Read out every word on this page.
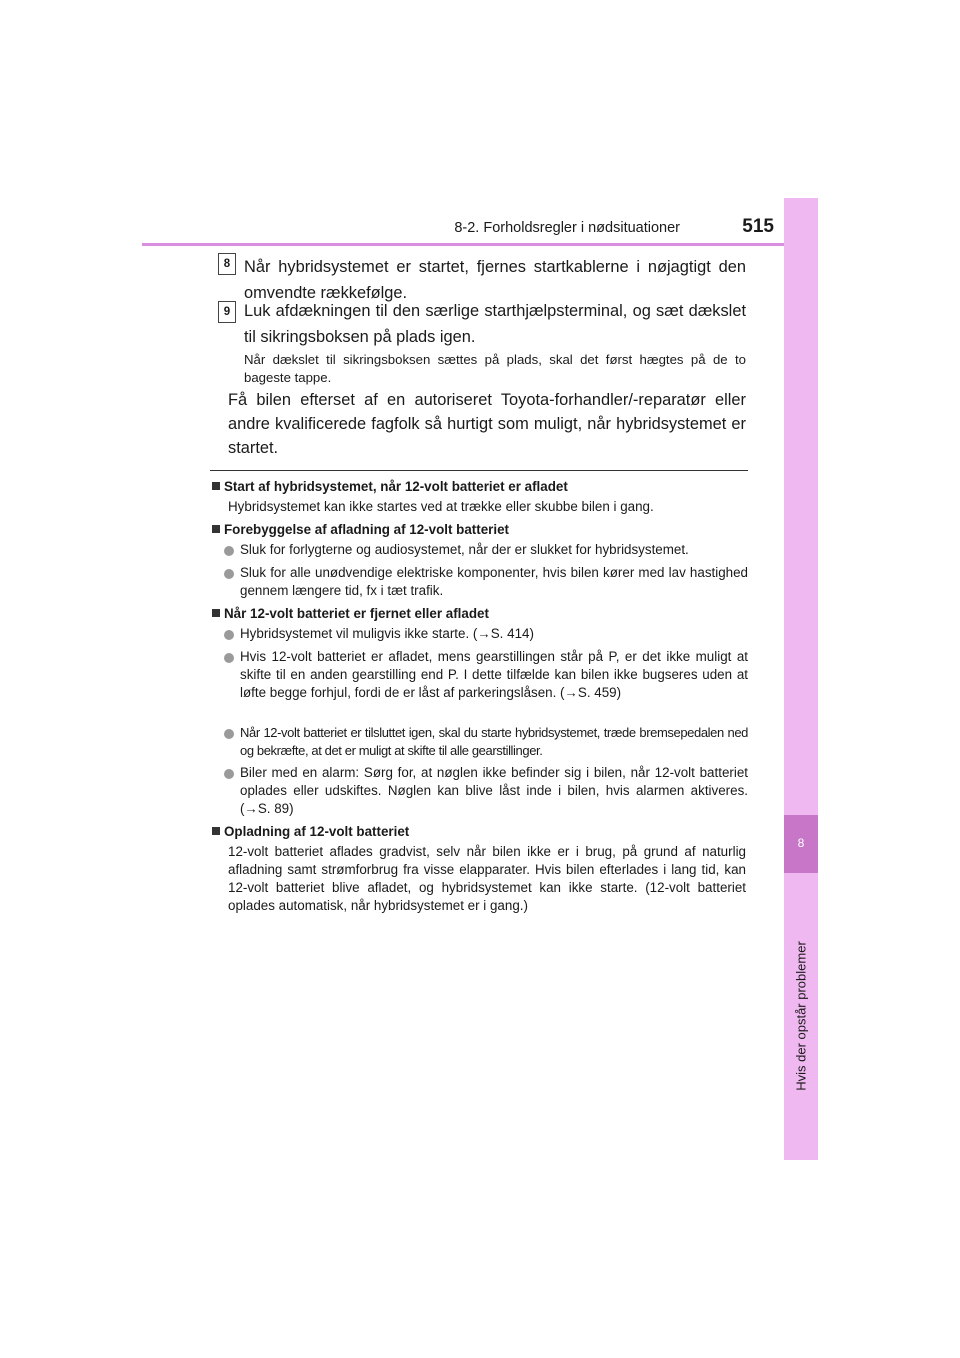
8-2. Forholdsregler i nødsituationer	515
8
Hvis der opstår problemer
8 Når hybridsystemet er startet, fjernes startkablerne i nøjagtigt den omvendte rækkefølge.
9 Luk afdækningen til den særlige starthjælpsterminal, og sæt dækslet til sikringsboksen på plads igen.
Når dækslet til sikringsboksen sættes på plads, skal det først hægtes på de to bageste tappe.
Få bilen efterset af en autoriseret Toyota-forhandler/-reparatør eller andre kvalificerede fagfolk så hurtigt som muligt, når hybridsystemet er startet.
Start af hybridsystemet, når 12-volt batteriet er afladet
Hybridsystemet kan ikke startes ved at trække eller skubbe bilen i gang.
Forebyggelse af afladning af 12-volt batteriet
Sluk for forlygterne og audiosystemet, når der er slukket for hybridsystemet.
Sluk for alle unødvendige elektriske komponenter, hvis bilen kører med lav hastighed gennem længere tid, fx i tæt trafik.
Når 12-volt batteriet er fjernet eller afladet
Hybridsystemet vil muligvis ikke starte. (→S. 414)
Hvis 12-volt batteriet er afladet, mens gearstillingen står på P, er det ikke muligt at skifte til en anden gearstilling end P. I dette tilfælde kan bilen ikke bugseres uden at løfte begge forhjul, fordi de er låst af parkeringslåsen. (→S. 459)
Når 12-volt batteriet er tilsluttet igen, skal du starte hybridsystemet, træde bremsepedalen ned og bekræfte, at det er muligt at skifte til alle gearstillinger.
Biler med en alarm: Sørg for, at nøglen ikke befinder sig i bilen, når 12-volt batteriet oplades eller udskiftes. Nøglen kan blive låst inde i bilen, hvis alarmen aktiveres. (→S. 89)
Opladning af 12-volt batteriet
12-volt batteriet aflades gradvist, selv når bilen ikke er i brug, på grund af naturlig afladning samt strømforbrug fra visse elapparater. Hvis bilen efterlades i lang tid, kan 12-volt batteriet blive afladet, og hybridsystemet kan ikke starte. (12-volt batteriet oplades automatisk, når hybridsystemet er i gang.)
